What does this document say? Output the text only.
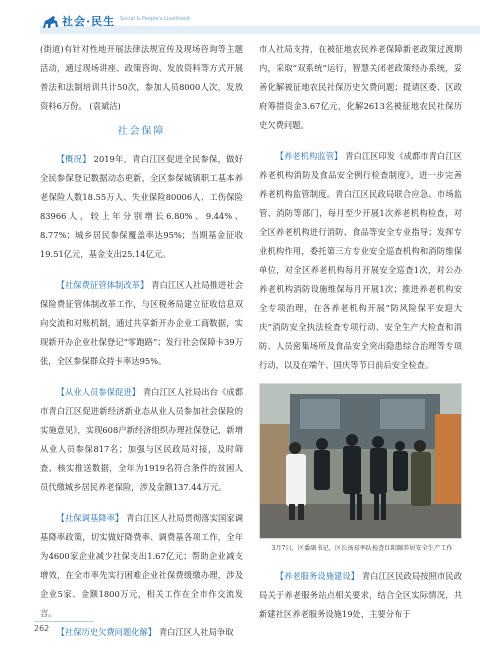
社会·民生 Social & People's Livelihood

(街道)有针对性地开展法律法规宣传及现场咨询等主题活动，通过现场讲座、政策咨询、发放资料等方式开展普法和法制培训共计50次，参加人员8000人次，发放资料6万份。 (袁斌洁)

社会保障

【概况】 2019年，青白江区促进全民参保，做好全民参保登记数据动态更新，全区参保城镇职工基本养老保险人数18.55万人、失业保险80006人、工伤保险83966人，较上年分别增长6.80%、9.44%、8.77%；城乡居民参保覆盖率达95%；当期基金征收19.51亿元，基金支出25.14亿元。

【社保费征管体制改革】 青白江区人社局推进社会保险费征管体制改革工作，与区税务局建立征收信息双向交流和对账机制，通过共享新开办企业工商数据，实现新开办企业社保登记“零跑路”；发行社会保障卡39万张，全区参保群众持卡率达95%。

【从业人员参保促进】 青白江区人社局出台《成都市青白江区促进新经济新业态从业人员参加社会保险的实施意见》，实现608户新经济组织办理社保登记，新增从业人员参保817名；加强与区民政局对接，及时筛查、核实推送数据，全年为1919名符合条件的贫困人员代缴城乡居民养老保险，涉及金额137.44万元。

【社保调基降率】 青白江区人社局贯彻落实国家调基降率政策，切实做好降费率、调费基各项工作，全年为4600家企业减少社保支出1.67亿元；帮助企业减支增效，在全市率先实行困难企业社保费缓缴办理，涉及企业5家、金额1800万元，相关工作在全市作交流发言。

【社保历史欠费问题化解】 青白江区人社局争取

市人社局支持，在被征地农民养老保障新老政策过渡期内，采取“双系统”运行，智慧关闭老政策经办系统，妥善化解被征地农民社保历史欠费问题；提请区委、区政府筹措资金3.67亿元，化解2613名被征地农民社保历史欠费问题。

【养老机构监管】 青白江区印发《成都市青白江区养老机构消防及食品安全例行检查制度》，进一步完善养老机构监管制度。青白江区民政局联合应急、市场监管、消防等部门，每月至少开展1次养老机构检查，对全区养老机构进行消防、食品等安全专业指导；发挥专业机构作用，委托第三方专业安全巡查机构和消防维保单位，对全区养老机构每月开展安全巡查1次，对公办养老机构消防设施维保每月开展1次；推进养老机构安全专项治理，在各养老机构开展“防风险保平安迎大庆”消防安全执法检查专项行动、安全生产大检查和消防、人员密集场所及食品安全突出隐患综合治理等专项行动，以及在端午、国庆等节日前后安全检查。

3月7日，区委副书记、区长汤易率队检查红阳颐养居安全生产工作

【养老服务设施建设】 青白江区民政局按照市民政局关于养老服务站点相关要求，结合全区实际情况，共新建社区养老服务设施19处，主要分布于

262
